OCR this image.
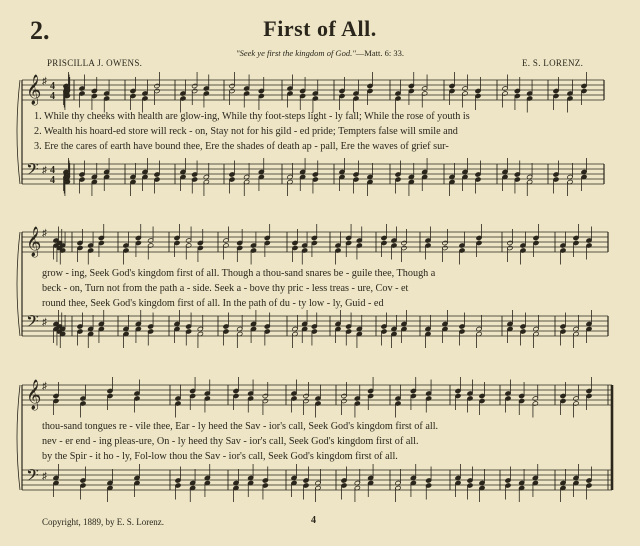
2.	First of All.
"Seek ye first the kingdom of God."—Matt. 6: 33.
PRISCILLA J. OWENS.	E. S. LORENZ.
𝄞
𝄢
♯
♯
4
4
4
4
𝄞
𝄢
♯
♯
𝄞
𝄢
♯
♯
1. While thy cheeks with health are glow-ing, While thy foot-steps light - ly fall; While the rose of youth is
2. Wealth his hoard-ed store will reck - on, Stay not for his gild - ed pride; Tempters false will smile and
3. Ere the cares of earth have bound thee, Ere the shades of death ap - pall, Ere the waves of grief sur-
grow - ing, Seek God's kingdom first of all. Though a thou-sand snares be - guile thee, Though a
beck - on, Turn not from the path a - side. Seek a - bove thy pric - less treas - ure, Cov - et
round thee, Seek God's kingdom first of all. In the path of du - ty low - ly, Guid - ed
thou-sand tongues re - vile thee, Ear - ly heed the Sav - ior's call, Seek God's kingdom first of all.
nev - er end - ing pleas-ure, On - ly heed thy Sav - ior's call, Seek God's kingdom first of all.
by the Spir - it ho - ly, Fol-low thou the Sav - ior's call, Seek God's kingdom first of all.
Copyright, 1889, by E. S. Lorenz.	4
